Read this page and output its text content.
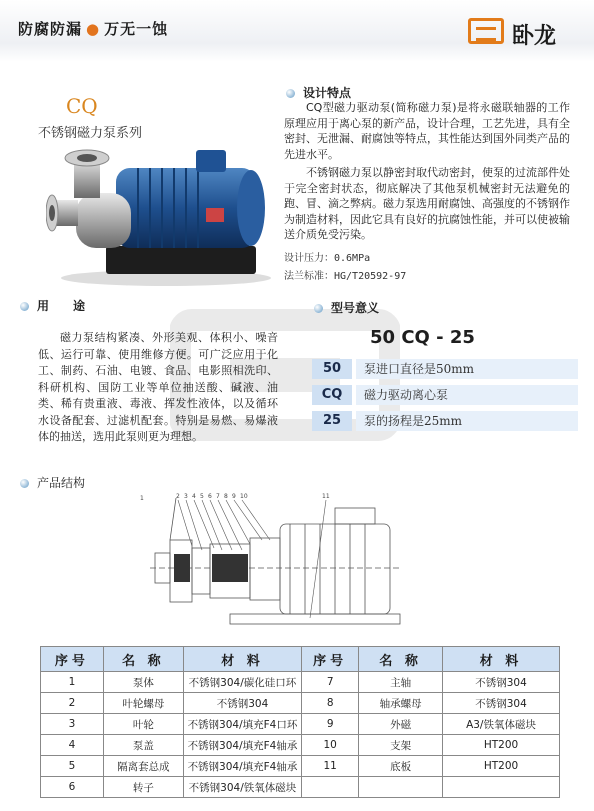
防腐防漏 ● 万无一蚀	卧龙
CQ
不锈钢磁力泵系列
设计特点

CQ型磁力驱动泵(简称磁力泵)是将永磁联轴器的工作原理应用于离心泵的新产品，设计合理，工艺先进，具有全密封、无泄漏、耐腐蚀等特点，其性能达到国外同类产品的先进水平。

不锈钢磁力泵以静密封取代动密封，使泵的过流部件处于完全密封状态，彻底解决了其他泵机械密封无法避免的跑、冒、滴之弊病。磁力泵选用耐腐蚀、高强度的不锈钢作为制造材料，因此它具有良好的抗腐蚀性能，并可以使被输送介质免受污染。

设计压力：0.6MPa
法兰标准：HG/T20592-97
用　　途

磁力泵结构紧凑、外形美观、体积小、噪音低、运行可靠、使用维修方便。可广泛应用于化工、制药、石油、电镀、食品、电影照相洗印、科研机构、国防工业等单位抽送酸、碱液、油类、稀有贵重液、毒液、挥发性液体，以及循环水设备配套、过滤机配套。特别是易燃、易爆液体的抽送，选用此泵则更为理想。

型号意义
50 CQ - 25
50	泵进口直径是50mm
CQ	磁力驱动离心泵
25	泵的扬程是25mm
产品结构
1	2 3 4 5 6 7 8 9 10	11
序号	名 称	材 料	序号	名 称	材 料
1	泵体	不锈钢304/碳化硅口环	7	主轴	不锈钢304
2	叶轮螺母	不锈钢304	8	轴承螺母	不锈钢304
3	叶轮	不锈钢304/填充F4口环	9	外磁	A3/铁氧体磁块
4	泵盖	不锈钢304/填充F4轴承	10	支架	HT200
5	隔离套总成	不锈钢304/填充F4轴承	11	底板	HT200
6	转子	不锈钢304/铁氧体磁块			
